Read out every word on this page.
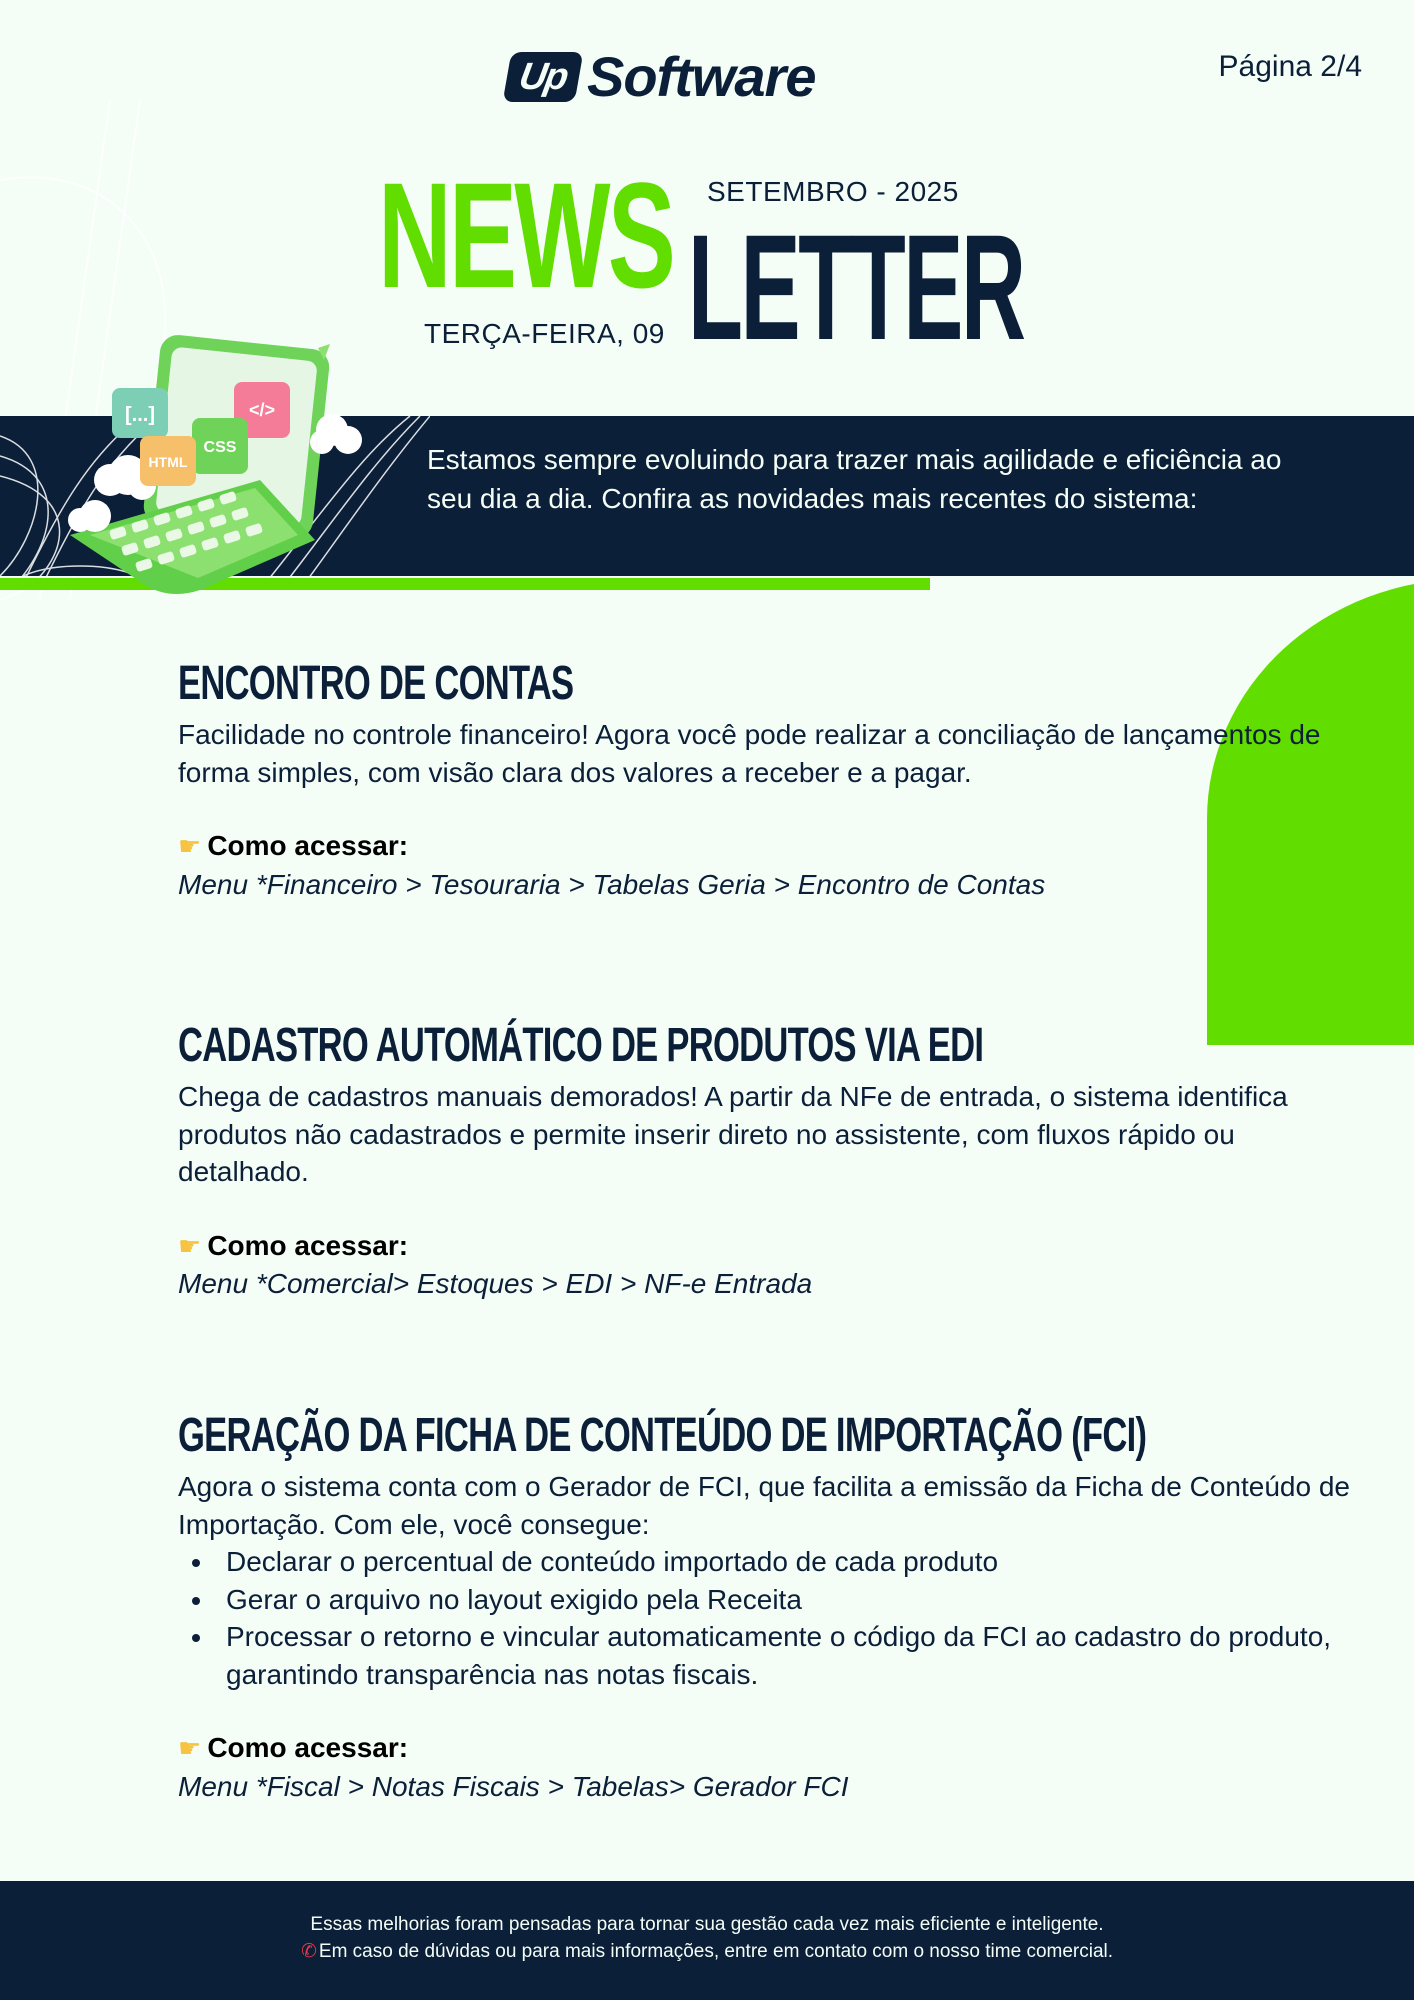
Up Software	Página 2/4
NEWS LETTER
SETEMBRO - 2025
TERÇA-FEIRA, 09
Estamos sempre evoluindo para trazer mais agilidade e eficiência ao seu dia a dia. Confira as novidades mais recentes do sistema:
[...]	</>
CSS
HTML
ENCONTRO DE CONTAS
Facilidade no controle financeiro! Agora você pode realizar a conciliação de lançamentos de forma simples, com visão clara dos valores a receber e a pagar.
☛ Como acessar:
Menu *Financeiro > Tesouraria > Tabelas Geria > Encontro de Contas
CADASTRO AUTOMÁTICO DE PRODUTOS VIA EDI
Chega de cadastros manuais demorados! A partir da NFe de entrada, o sistema identifica produtos não cadastrados e permite inserir direto no assistente, com fluxos rápido ou detalhado.
☛ Como acessar:
Menu *Comercial> Estoques > EDI > NF-e Entrada
GERAÇÃO DA FICHA DE CONTEÚDO DE IMPORTAÇÃO (FCI)
Agora o sistema conta com o Gerador de FCI, que facilita a emissão da Ficha de Conteúdo de Importação. Com ele, você consegue:
Declarar o percentual de conteúdo importado de cada produto
Gerar o arquivo no layout exigido pela Receita
Processar o retorno e vincular automaticamente o código da FCI ao cadastro do produto, garantindo transparência nas notas fiscais.
☛ Como acessar:
Menu *Fiscal > Notas Fiscais > Tabelas> Gerador FCI
Essas melhorias foram pensadas para tornar sua gestão cada vez mais eficiente e inteligente.
✆ Em caso de dúvidas ou para mais informações, entre em contato com o nosso time comercial.
